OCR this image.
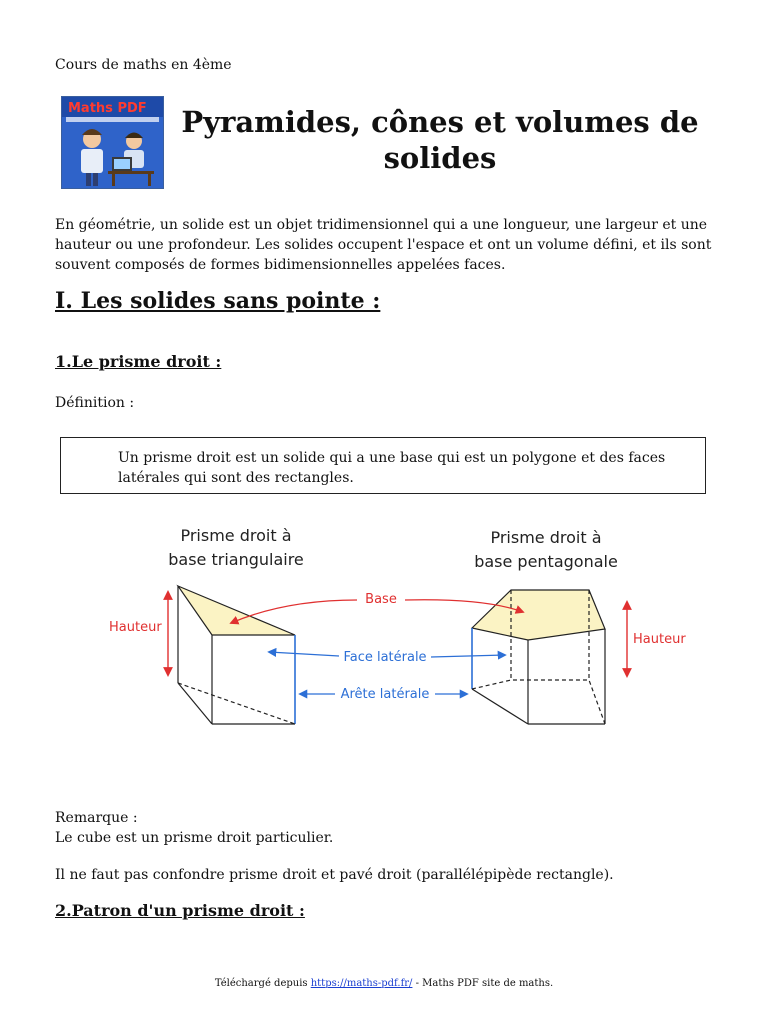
Cours de maths en 4ème
Maths PDF Pyramides, cônes et volumes de
solides
En géométrie, un solide est un objet tridimensionnel qui a une longueur, une largeur et une hauteur ou une profondeur. Les solides occupent l'espace et ont un volume défini, et ils sont souvent composés de formes bidimensionnelles appelées faces.
I. Les solides sans pointe :
1.Le prisme droit :
Définition :
Un prisme droit est un solide qui a une base qui est un polygone et des faces latérales qui sont des rectangles.
Prisme droit à
base triangulaire
Prisme droit à
base pentagonale
Hauteur
Hauteur
Base
Face latérale
Arête latérale
Remarque :
Le cube est un prisme droit particulier.
Il ne faut pas confondre prisme droit et pavé droit (parallélépipède rectangle).
2.Patron d'un prisme droit :
Téléchargé depuis https://maths-pdf.fr/ - Maths PDF site de maths.
